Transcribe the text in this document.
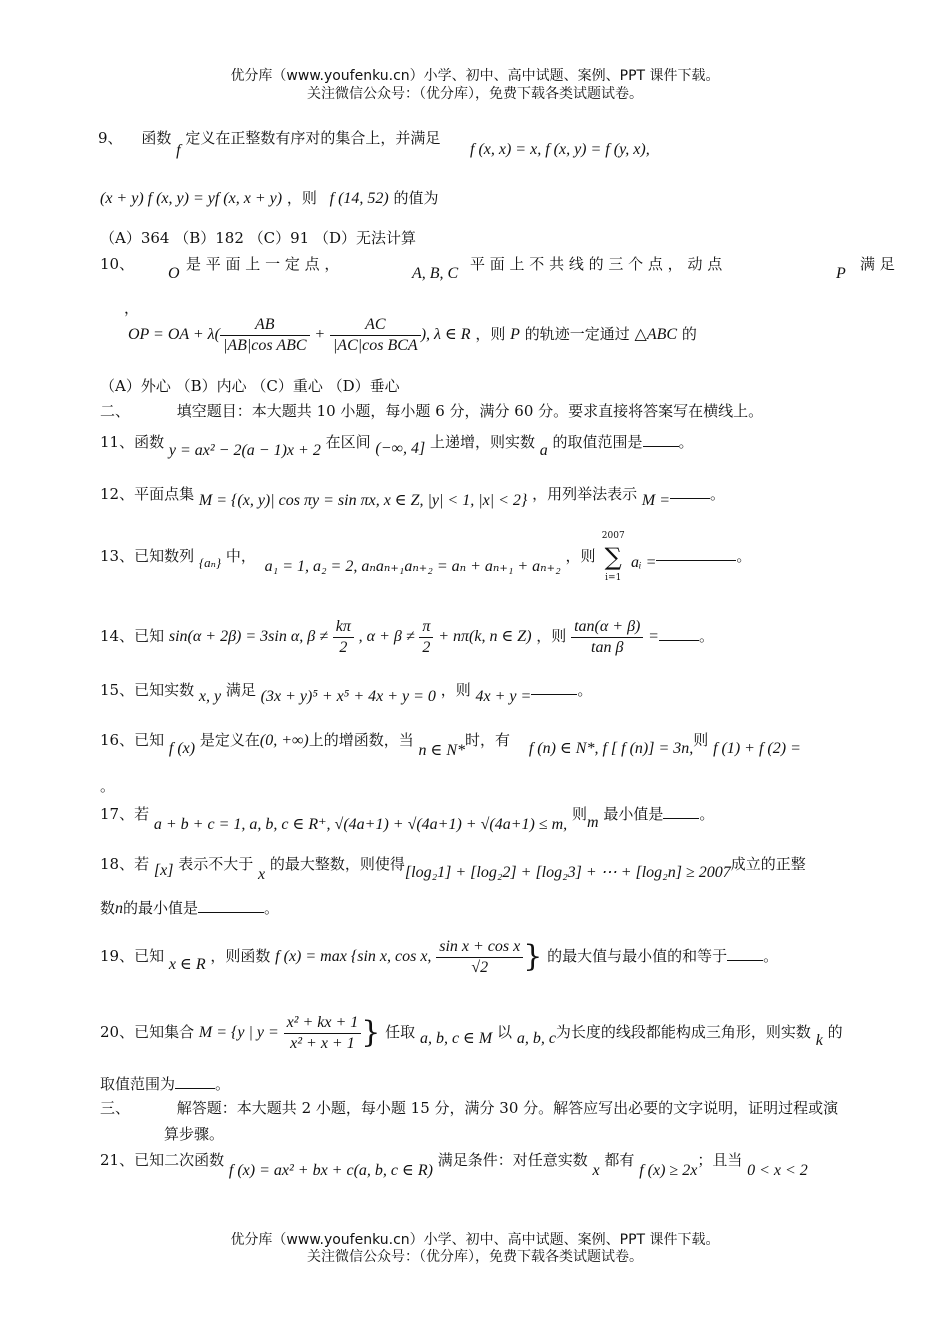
优分库（www.youfenku.cn）小学、初中、高中试题、案例、PPT 课件下载。
关注微信公众号：（优分库），免费下载各类试题试卷。
9、 函数 f 定义在正整数有序对的集合上，并满足
f (x, x) = x, f (x, y) = f (y, x),
(x + y) f (x, y) = yf (x, x + y) ，则 f (14, 52) 的值为
（A）364 （B）182 （C）91 （D）无法计算
10、
O
是 平 面 上 一 定 点 ，
A, B, C
平 面 上 不 共 线 的 三 个 点 ， 动 点
P
满 足
，
OP = OA + $\lambda( \frac{AB}{\text{|AB|cos ABC}} + \frac{AC}{\text{|AC|cos BCA}}$ ), λ ∈ R ，则 P 的轨迹一定通过 △ABC 的
（A）外心 （B）内心 （C）重心 （D）垂心
二、	填空题目：本大题共 10 小题，每小题 6 分，满分 60 分。要求直接将答案写在横线上。
11、函数 y = ax² − 2(a − 1)x + 2 在区间 (−∞, 4] 上递增，则实数 a 的取值范围是 。
12、平面点集 M = {(x, y)| cos πy = sin πx, x ∈ Z, |y| < 1, |x| < 2} ，用列举法表示 M =	。
13、已知数列 {aₙ} 中， a₁ = 1, a₂ = 2, aₙaₙ₊₁aₙ₊₂ = aₙ + aₙ₊₁ + aₙ₊₂ ，则
2007
∑
i=1
aᵢ =	。
14、已知 sin(α + 2β) = 3sin α, $\beta \ne \frac{k\pi}{2}$ , $\alpha + \beta \ne \frac{\pi}{2} + n\pi(k$, n ∈ Z) ，则 $\frac{\tan(\alpha + \beta)}{\text{tan β}}$ =	。
15、已知实数 x, y 满足 (3x + y)⁵ + x⁵ + 4x + y = 0 ，则 4x + y =	。
16、已知 f (x) 是定义在(0, +∞)上的增函数，当 n ∈ N*时，有 f (n) ∈ N*, f [ f (n)] = 3n,则 f (1) + f (2) =
。
17、若 a + b + c = 1, a, b, c ∈ R⁺, √(4a+1) + √(4a+1) + √(4a+1) ≤ m, 则m 最小值是 。
18、若 [x] 表示不大于 x 的最大整数，则使得[log₂1] + [log₂2] + [log₂3] + ⋯ + [log₂n] ≥ 2007成立的正整
数n的最小值是	。
19、已知 x ∈ R ，则函数 f (x) = max {sin x, cos x, $\frac{\text{sin x + cos x}}{√2}$ } 的最大值与最小值的和等于 。
20、已知集合 M = {y | $y = \frac{\text{x² + kx + 1}}{\text{x² + x + 1}}$ } 任取 a, b, c ∈ M 以 a, b, c为长度的线段都能构成三角形，则实数 k 的
取值范围为	。
三、	解答题：本大题共 2 小题，每小题 15 分，满分 30 分。解答应写出必要的文字说明，证明过程或演
算步骤。
21、已知二次函数 f (x) = ax² + bx + c(a, b, c ∈ R) 满足条件：对任意实数 x 都有 f (x) ≥ 2x；且当 0 < x < 2
优分库（www.youfenku.cn）小学、初中、高中试题、案例、PPT 课件下载。
关注微信公众号：（优分库），免费下载各类试题试卷。
